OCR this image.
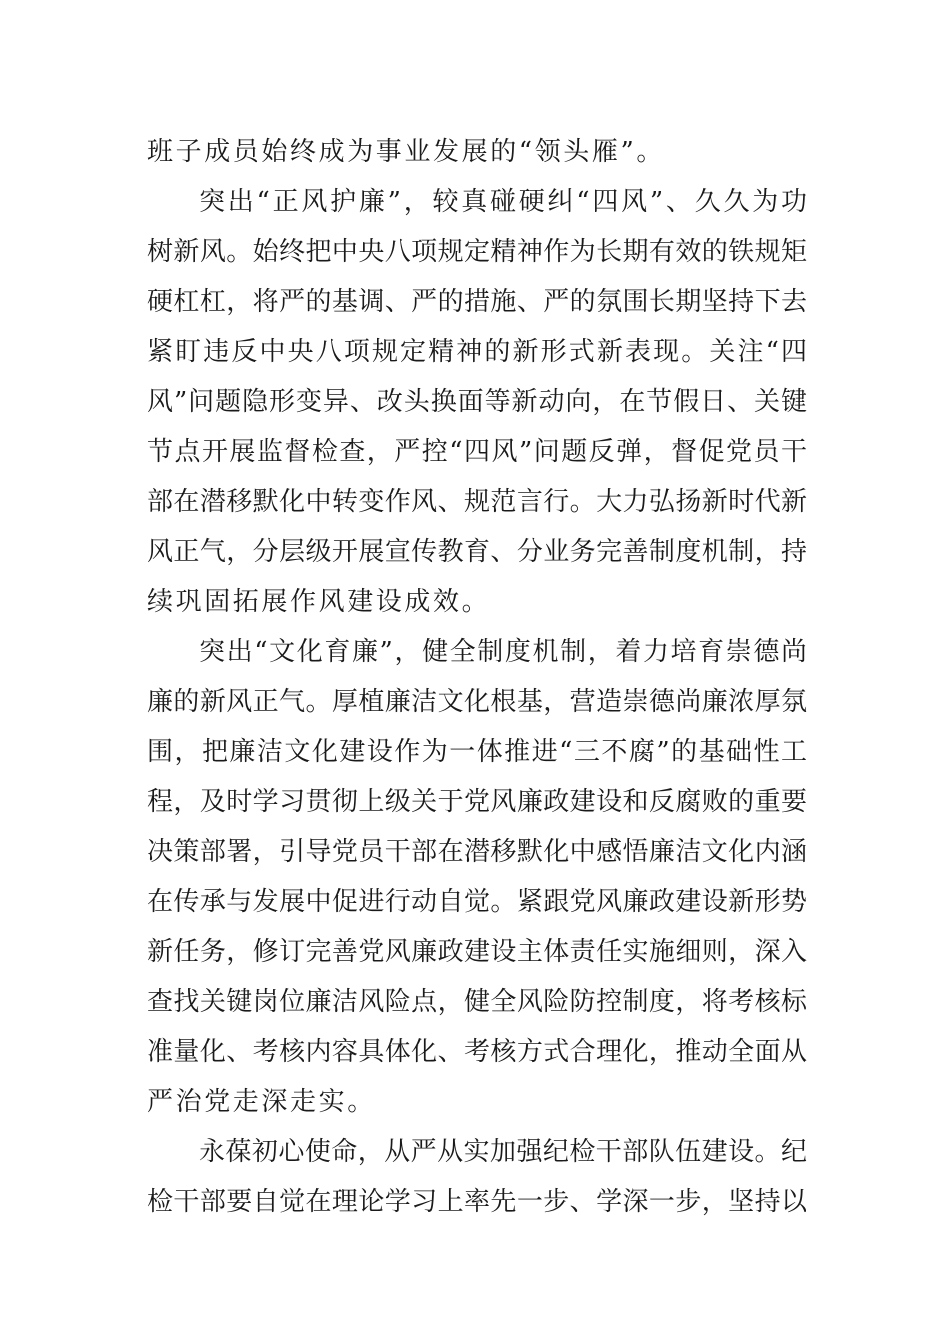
班子成员始终成为事业发展的“领头雁”。
突出“正风护廉”，较真碰硬纠“四风”、久久为功
树新风。始终把中央八项规定精神作为长期有效的铁规矩
硬杠杠，将严的基调、严的措施、严的氛围长期坚持下去
紧盯违反中央八项规定精神的新形式新表现。关注“四
风”问题隐形变异、改头换面等新动向，在节假日、关键
节点开展监督检查，严控“四风”问题反弹，督促党员干
部在潜移默化中转变作风、规范言行。大力弘扬新时代新
风正气，分层级开展宣传教育、分业务完善制度机制，持
续巩固拓展作风建设成效。
突出“文化育廉”，健全制度机制，着力培育崇德尚
廉的新风正气。厚植廉洁文化根基，营造崇德尚廉浓厚氛
围，把廉洁文化建设作为一体推进“三不腐”的基础性工
程，及时学习贯彻上级关于党风廉政建设和反腐败的重要
决策部署，引导党员干部在潜移默化中感悟廉洁文化内涵
在传承与发展中促进行动自觉。紧跟党风廉政建设新形势
新任务，修订完善党风廉政建设主体责任实施细则，深入
查找关键岗位廉洁风险点，健全风险防控制度，将考核标
准量化、考核内容具体化、考核方式合理化，推动全面从
严治党走深走实。
永葆初心使命，从严从实加强纪检干部队伍建设。纪
检干部要自觉在理论学习上率先一步、学深一步，坚持以
